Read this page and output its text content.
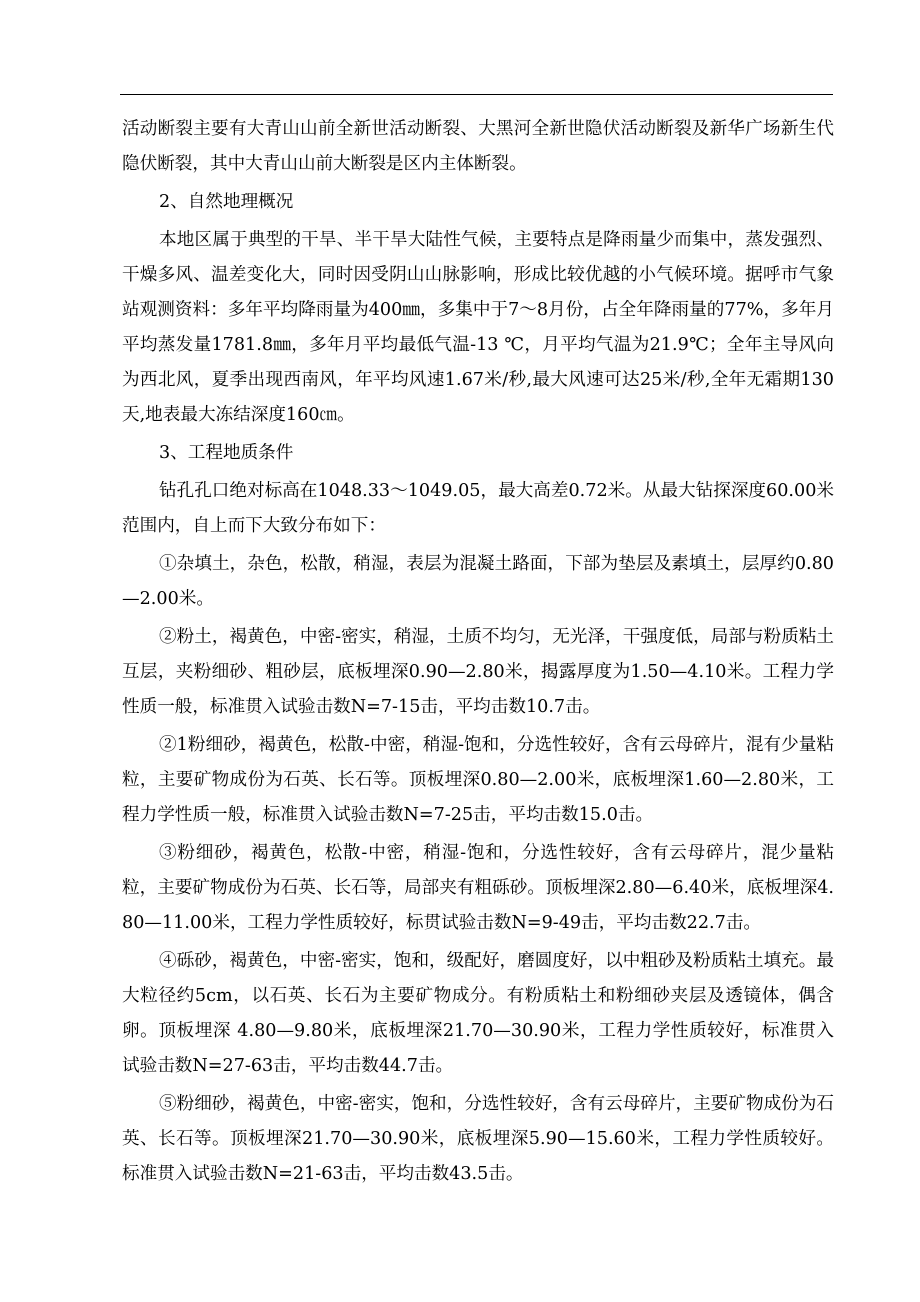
活动断裂主要有大青山山前全新世活动断裂、大黑河全新世隐伏活动断裂及新华广场新生代隐伏断裂，其中大青山山前大断裂是区内主体断裂。

2、自然地理概况

本地区属于典型的干旱、半干旱大陆性气候，主要特点是降雨量少而集中，蒸发强烈、干燥多风、温差变化大，同时因受阴山山脉影响，形成比较优越的小气候环境。据呼市气象站观测资料：多年平均降雨量为400㎜，多集中于7～8月份，占全年降雨量的77%，多年月平均蒸发量1781.8㎜，多年月平均最低气温-13 ℃，月平均气温为21.9℃；全年主导风向为西北风，夏季出现西南风，年平均风速1.67米/秒,最大风速可达25米/秒,全年无霜期130天,地表最大冻结深度160㎝。

3、工程地质条件

钻孔孔口绝对标高在1048.33～1049.05，最大高差0.72米。从最大钻探深度60.00米范围内，自上而下大致分布如下：

①杂填土，杂色，松散，稍湿，表层为混凝土路面，下部为垫层及素填土，层厚约0.80—2.00米。

②粉土，褐黄色，中密-密实，稍湿，土质不均匀，无光泽，干强度低，局部与粉质粘土互层，夹粉细砂、粗砂层，底板埋深0.90—2.80米，揭露厚度为1.50—4.10米。工程力学性质一般，标准贯入试验击数N=7-15击，平均击数10.7击。

②1粉细砂，褐黄色，松散-中密，稍湿-饱和，分选性较好，含有云母碎片，混有少量粘粒，主要矿物成份为石英、长石等。顶板埋深0.80—2.00米，底板埋深1.60—2.80米，工程力学性质一般，标准贯入试验击数N=7-25击，平均击数15.0击。

③粉细砂，褐黄色，松散-中密，稍湿-饱和，分选性较好，含有云母碎片，混少量粘粒，主要矿物成份为石英、长石等，局部夹有粗砾砂。顶板埋深2.80—6.40米，底板埋深4.80—11.00米，工程力学性质较好，标贯试验击数N=9-49击，平均击数22.7击。

④砾砂，褐黄色，中密-密实，饱和，级配好，磨圆度好，以中粗砂及粉质粘土填充。最大粒径约5cm，以石英、长石为主要矿物成分。有粉质粘土和粉细砂夹层及透镜体，偶含卵。顶板埋深 4.80—9.80米，底板埋深21.70—30.90米，工程力学性质较好，标准贯入试验击数N=27-63击，平均击数44.7击。

⑤粉细砂，褐黄色，中密-密实，饱和，分选性较好，含有云母碎片，主要矿物成份为石英、长石等。顶板埋深21.70—30.90米，底板埋深5.90—15.60米，工程力学性质较好。标准贯入试验击数N=21-63击，平均击数43.5击。
